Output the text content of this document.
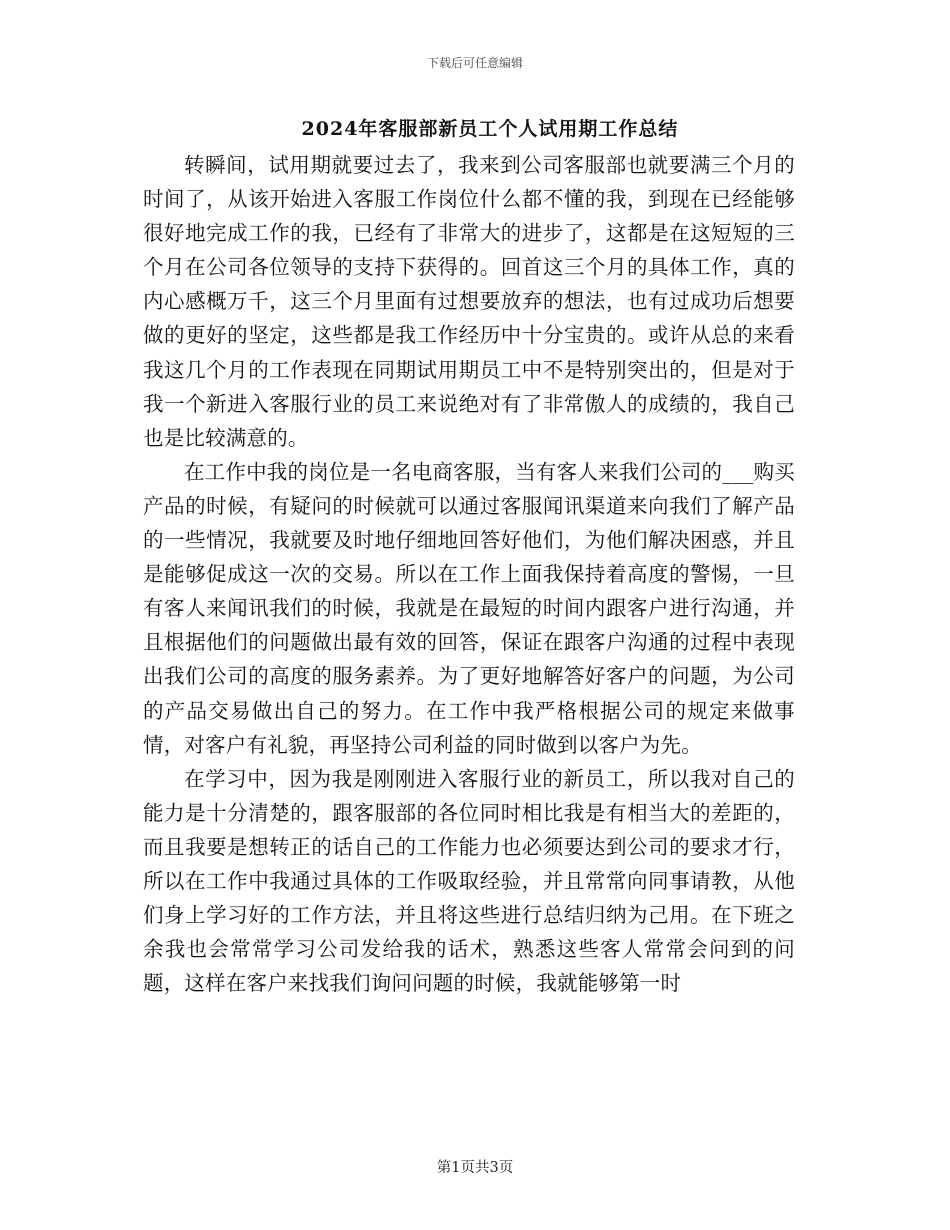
下载后可任意编辑
2024年客服部新员工个人试用期工作总结

转瞬间，试用期就要过去了，我来到公司客服部也就要满三个月的时间了，从该开始进入客服工作岗位什么都不懂的我，到现在已经能够很好地完成工作的我，已经有了非常大的进步了，这都是在这短短的三个月在公司各位领导的支持下获得的。回首这三个月的具体工作，真的内心感概万千，这三个月里面有过想要放弃的想法，也有过成功后想要做的更好的坚定，这些都是我工作经历中十分宝贵的。或许从总的来看我这几个月的工作表现在同期试用期员工中不是特别突出的，但是对于我一个新进入客服行业的员工来说绝对有了非常傲人的成绩的，我自己也是比较满意的。

在工作中我的岗位是一名电商客服，当有客人来我们公司的___购买产品的时候，有疑问的时候就可以通过客服闻讯渠道来向我们了解产品的一些情况，我就要及时地仔细地回答好他们，为他们解决困惑，并且是能够促成这一次的交易。所以在工作上面我保持着高度的警惕，一旦有客人来闻讯我们的时候，我就是在最短的时间内跟客户进行沟通，并且根据他们的问题做出最有效的回答，保证在跟客户沟通的过程中表现出我们公司的高度的服务素养。为了更好地解答好客户的问题，为公司的产品交易做出自己的努力。在工作中我严格根据公司的规定来做事情，对客户有礼貌，再坚持公司利益的同时做到以客户为先。

在学习中，因为我是刚刚进入客服行业的新员工，所以我对自己的能力是十分清楚的，跟客服部的各位同时相比我是有相当大的差距的，而且我要是想转正的话自己的工作能力也必须要达到公司的要求才行，所以在工作中我通过具体的工作吸取经验，并且常常向同事请教，从他们身上学习好的工作方法，并且将这些进行总结归纳为己用。在下班之余我也会常常学习公司发给我的话术，熟悉这些客人常常会问到的问题，这样在客户来找我们询问问题的时候，我就能够第一时

第1页共3页
